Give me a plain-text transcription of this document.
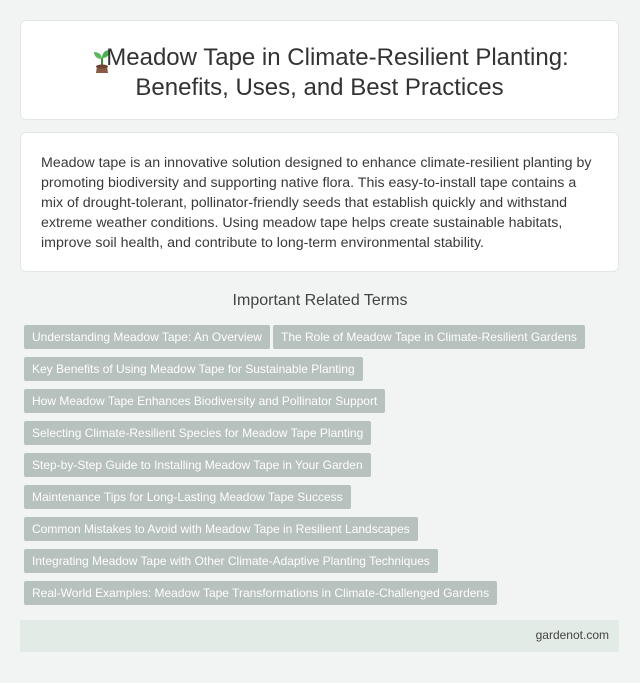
Meadow Tape in Climate-Resilient Planting:
Benefits, Uses, and Best Practices

Meadow tape is an innovative solution designed to enhance climate-resilient planting by promoting biodiversity and supporting native flora. This easy-to-install tape contains a mix of drought-tolerant, pollinator-friendly seeds that establish quickly and withstand extreme weather conditions. Using meadow tape helps create sustainable habitats, improve soil health, and contribute to long-term environmental stability.

Important Related Terms
Understanding Meadow Tape: An Overview	The Role of Meadow Tape in Climate-Resilient Gardens
Key Benefits of Using Meadow Tape for Sustainable Planting
How Meadow Tape Enhances Biodiversity and Pollinator Support
Selecting Climate-Resilient Species for Meadow Tape Planting
Step-by-Step Guide to Installing Meadow Tape in Your Garden
Maintenance Tips for Long-Lasting Meadow Tape Success
Common Mistakes to Avoid with Meadow Tape in Resilient Landscapes
Integrating Meadow Tape with Other Climate-Adaptive Planting Techniques
Real-World Examples: Meadow Tape Transformations in Climate-Challenged Gardens
gardenot.com
